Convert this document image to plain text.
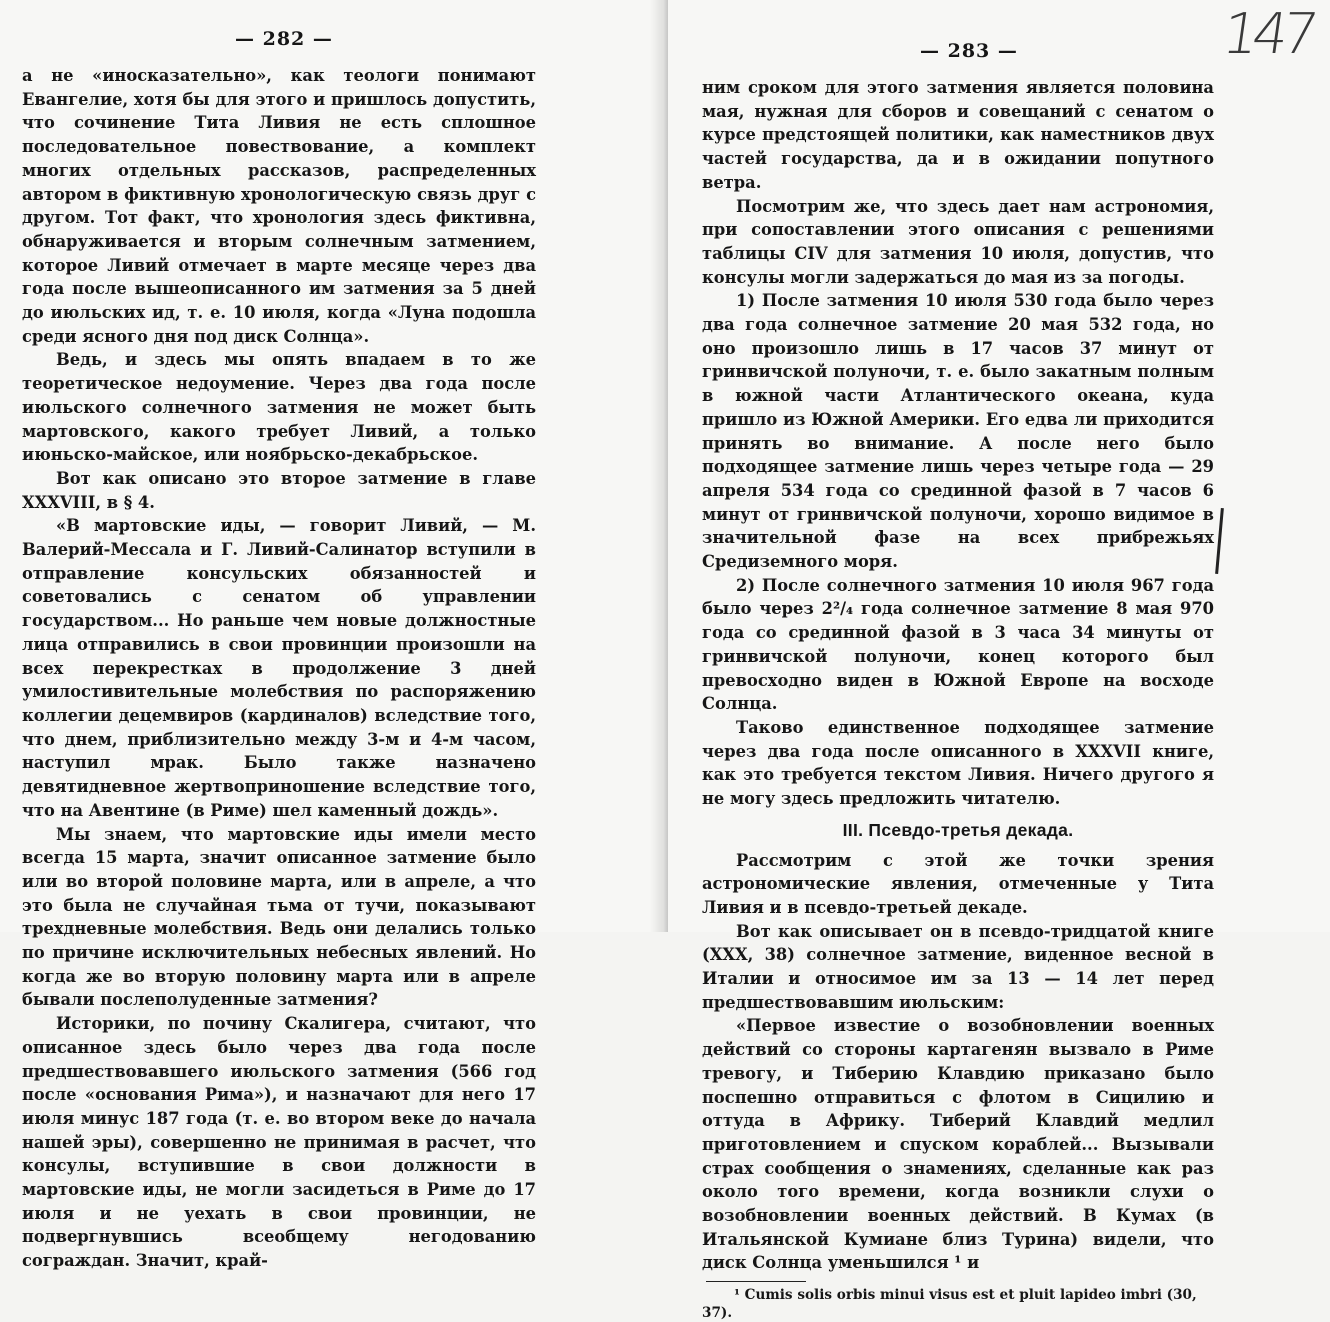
— 282 —

а не «иносказательно», как теологи понимают Евангелие, хотя бы для этого и пришлось допустить, что сочинение Тита Ливия не есть сплошное последовательное повествование, а комплект многих отдельных рассказов, распределенных автором в фиктивную хронологическую связь друг с другом. Тот факт, что хронология здесь фиктивна, обнаруживается и вторым солнечным затмением, которое Ливий отмечает в марте месяце через два года после вышеописанного им затмения за 5 дней до июльских ид, т. е. 10 июля, когда «Луна подошла среди ясного дня под диск Солнца».

Ведь, и здесь мы опять впадаем в то же теоретическое недоумение. Через два года после июльского солнечного затмения не может быть мартовского, какого требует Ливий, а только июньско-майское, или ноябрьско-декабрьское.

Вот как описано это второе затмение в главе XXXVIII, в § 4.

«В мартовские иды, — говорит Ливий, — М. Валерий-Мессала и Г. Ливий-Салинатор вступили в отправление консульских обязанностей и советовались с сенатом об управлении государством... Но раньше чем новые должностные лица отправились в свои провинции произошли на всех перекрестках в продолжение 3 дней умилостивительные молебствия по распоряжению коллегии децемвиров (кардиналов) вследствие того, что днем, приблизительно между 3-м и 4-м часом, наступил мрак. Было также назначено девятидневное жертвоприношение вследствие того, что на Авентине (в Риме) шел каменный дождь».

Мы знаем, что мартовские иды имели место всегда 15 марта, значит описанное затмение было или во второй половине марта, или в апреле, а что это была не случайная тьма от тучи, показывают трехдневные молебствия. Ведь они делались только по причине исключительных небесных явлений. Но когда же во вторую половину марта или в апреле бывали послеполуденные затмения?

Историки, по почину Скалигера, считают, что описанное здесь было через два года после предшествовавшего июльского затмения (566 год после «основания Рима»), и назначают для него 17 июля минус 187 года (т. е. во втором веке до начала нашей эры), совершенно не принимая в расчет, что консулы, вступившие в свои должности в мартовские иды, не могли засидеться в Риме до 17 июля и не уехать в свои провинции, не подвергнувшись всеобщему негодованию сограждан. Значит, край-

— 283 —	147

ним сроком для этого затмения является половина мая, нужная для сборов и совещаний с сенатом о курсе предстоящей политики, как наместников двух частей государства, да и в ожидании попутного ветра.

Посмотрим же, что здесь дает нам астрономия, при сопоставлении этого описания с решениями таблицы CIV для затмения 10 июля, допустив, что консулы могли задержаться до мая из за погоды.

1) После затмения 10 июля 530 года было через два года солнечное затмение 20 мая 532 года, но оно произошло лишь в 17 часов 37 минут от гринвичской полуночи, т. е. было закатным полным в южной части Атлантического океана, куда пришло из Южной Америки. Его едва ли приходится принять во внимание. А после него было подходящее затмение лишь через четыре года — 29 апреля 534 года со срединной фазой в 7 часов 6 минут от гринвичской полуночи, хорошо видимое в значительной фазе на всех прибрежьях Средиземного моря.

2) После солнечного затмения 10 июля 967 года было через 2²/₄ года солнечное затмение 8 мая 970 года со срединной фазой в 3 часа 34 минуты от гринвичской полуночи, конец которого был превосходно виден в Южной Европе на восходе Солнца.

Таково единственное подходящее затмение через два года после описанного в XXXVII книге, как это требуется текстом Ливия. Ничего другого я не могу здесь предложить читателю.

III. Псевдо-третья декада.

Рассмотрим с этой же точки зрения астрономические явления, отмеченные у Тита Ливия и в псевдо-третьей декаде.

Вот как описывает он в псевдо-тридцатой книге (XXX, 38) солнечное затмение, виденное весной в Италии и относимое им за 13 — 14 лет перед предшествовавшим июльским:

«Первое известие о возобновлении военных действий со стороны картагенян вызвало в Риме тревогу, и Тиберию Клавдию приказано было поспешно отправиться с флотом в Сицилию и оттуда в Африку. Тиберий Клавдий медлил приготовлением и спуском кораблей... Вызывали страх сообщения о знамениях, сделанные как раз около того времени, когда возникли слухи о возобновлении военных действий. В Кумах (в Итальянской Кумиане близ Турина) видели, что диск Солнца уменьшился ¹ и

¹ Cumis solis orbis minui visus est et pluit lapideo imbri (30, 37).
